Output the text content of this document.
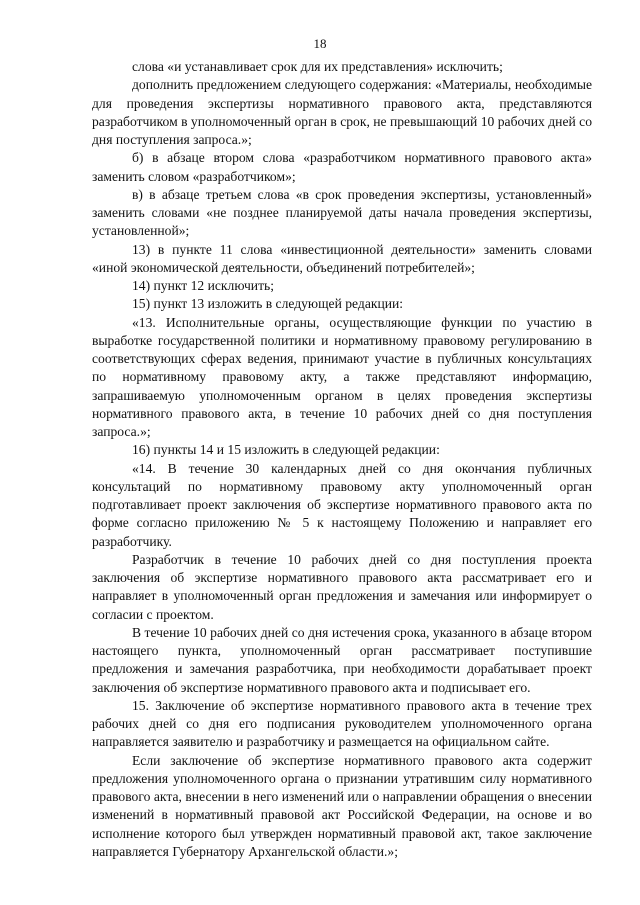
18

слова «и устанавливает срок для их представления» исключить;

дополнить предложением следующего содержания: «Материалы, необходимые для проведения экспертизы нормативного правового акта, представляются разработчиком в уполномоченный орган в срок, не превышающий 10 рабочих дней со дня поступления запроса.»;

б) в абзаце втором слова «разработчиком нормативного правового акта» заменить словом «разработчиком»;

в) в абзаце третьем слова «в срок проведения экспертизы, установленный» заменить словами «не позднее планируемой даты начала проведения экспертизы, установленной»;

13) в пункте 11 слова «инвестиционной деятельности» заменить словами «иной экономической деятельности, объединений потребителей»;

14) пункт 12 исключить;

15) пункт 13 изложить в следующей редакции:

«13. Исполнительные органы, осуществляющие функции по участию в выработке государственной политики и нормативному правовому регулированию в соответствующих сферах ведения, принимают участие в публичных консультациях по нормативному правовому акту, а также представляют информацию, запрашиваемую уполномоченным органом в целях проведения экспертизы нормативного правового акта, в течение 10 рабочих дней со дня поступления запроса.»;

16) пункты 14 и 15 изложить в следующей редакции:

«14. В течение 30 календарных дней со дня окончания публичных консультаций по нормативному правовому акту уполномоченный орган подготавливает проект заключения об экспертизе нормативного правового акта по форме согласно приложению № 5 к настоящему Положению и направляет его разработчику.

Разработчик в течение 10 рабочих дней со дня поступления проекта заключения об экспертизе нормативного правового акта рассматривает его и направляет в уполномоченный орган предложения и замечания или информирует о согласии с проектом.

В течение 10 рабочих дней со дня истечения срока, указанного в абзаце втором настоящего пункта, уполномоченный орган рассматривает поступившие предложения и замечания разработчика, при необходимости дорабатывает проект заключения об экспертизе нормативного правового акта и подписывает его.

15. Заключение об экспертизе нормативного правового акта в течение трех рабочих дней со дня его подписания руководителем уполномоченного органа направляется заявителю и разработчику и размещается на официальном сайте.

Если заключение об экспертизе нормативного правового акта содержит предложения уполномоченного органа о признании утратившим силу нормативного правового акта, внесении в него изменений или о направлении обращения о внесении изменений в нормативный правовой акт Российской Федерации, на основе и во исполнение которого был утвержден нормативный правовой акт, такое заключение направляется Губернатору Архангельской области.»;
